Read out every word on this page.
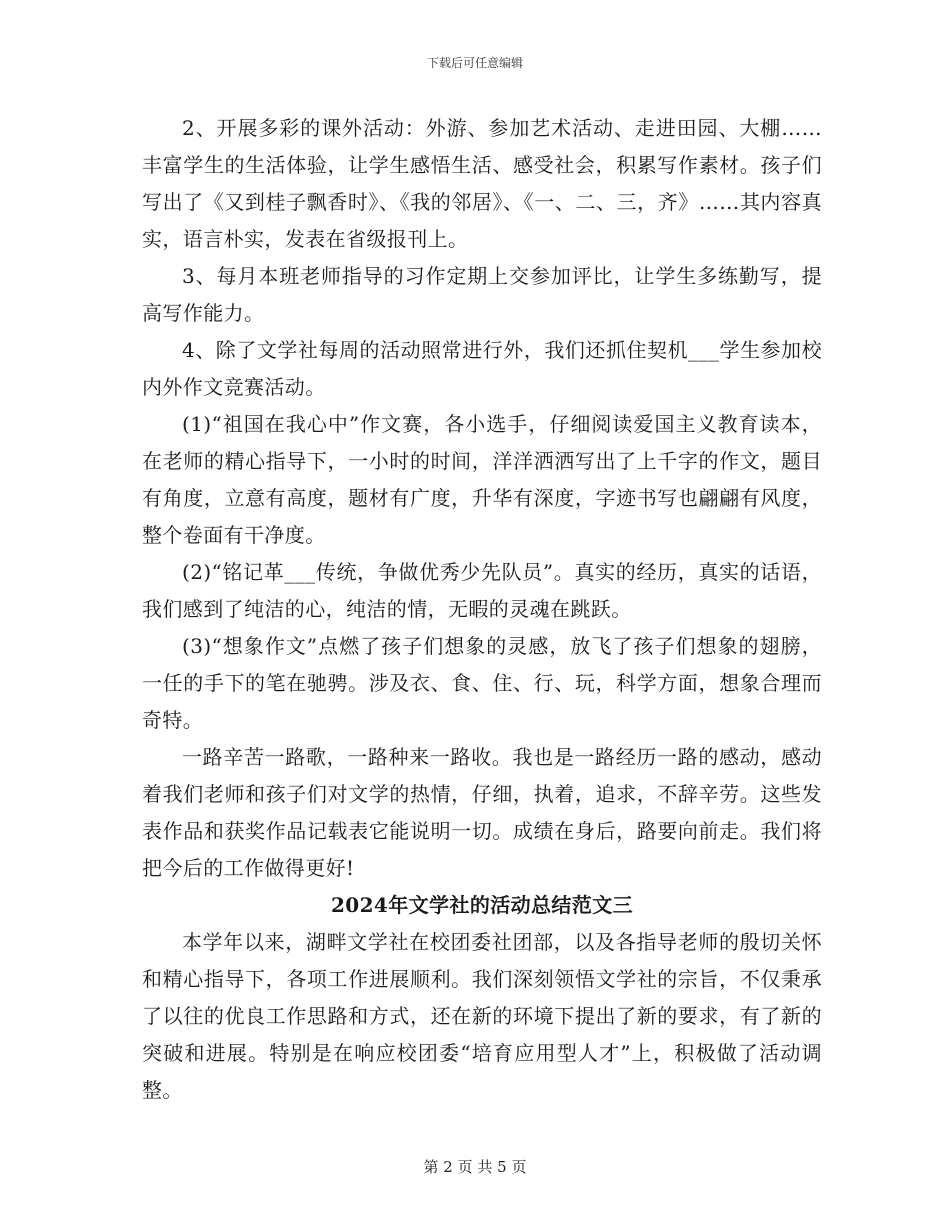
下载后可任意编辑

2、开展多彩的课外活动：外游、参加艺术活动、走进田园、大棚……丰富学生的生活体验，让学生感悟生活、感受社会，积累写作素材。孩子们写出了《又到桂子飘香时》、《我的邻居》、《一、二、三，齐》……其内容真实，语言朴实，发表在省级报刊上。

3、每月本班老师指导的习作定期上交参加评比，让学生多练勤写，提高写作能力。

4、除了文学社每周的活动照常进行外，我们还抓住契机___学生参加校内外作文竞赛活动。

(1)“祖国在我心中”作文赛，各小选手，仔细阅读爱国主义教育读本，在老师的精心指导下，一小时的时间，洋洋洒洒写出了上千字的作文，题目有角度，立意有高度，题材有广度，升华有深度，字迹书写也翩翩有风度，整个卷面有干净度。

(2)“铭记革___传统，争做优秀少先队员”。真实的经历，真实的话语，我们感到了纯洁的心，纯洁的情，无暇的灵魂在跳跃。

(3)“想象作文”点燃了孩子们想象的灵感，放飞了孩子们想象的翅膀，一任的手下的笔在驰骋。涉及衣、食、住、行、玩，科学方面，想象合理而奇特。

一路辛苦一路歌，一路种来一路收。我也是一路经历一路的感动，感动着我们老师和孩子们对文学的热情，仔细，执着，追求，不辞辛劳。这些发表作品和获奖作品记载表它能说明一切。成绩在身后，路要向前走。我们将把今后的工作做得更好!

2024年文学社的活动总结范文三

本学年以来，湖畔文学社在校团委社团部，以及各指导老师的殷切关怀和精心指导下，各项工作进展顺利。我们深刻领悟文学社的宗旨，不仅秉承了以往的优良工作思路和方式，还在新的环境下提出了新的要求，有了新的突破和进展。特别是在响应校团委“培育应用型人才”上，积极做了活动调整。

第 2 页 共 5 页
